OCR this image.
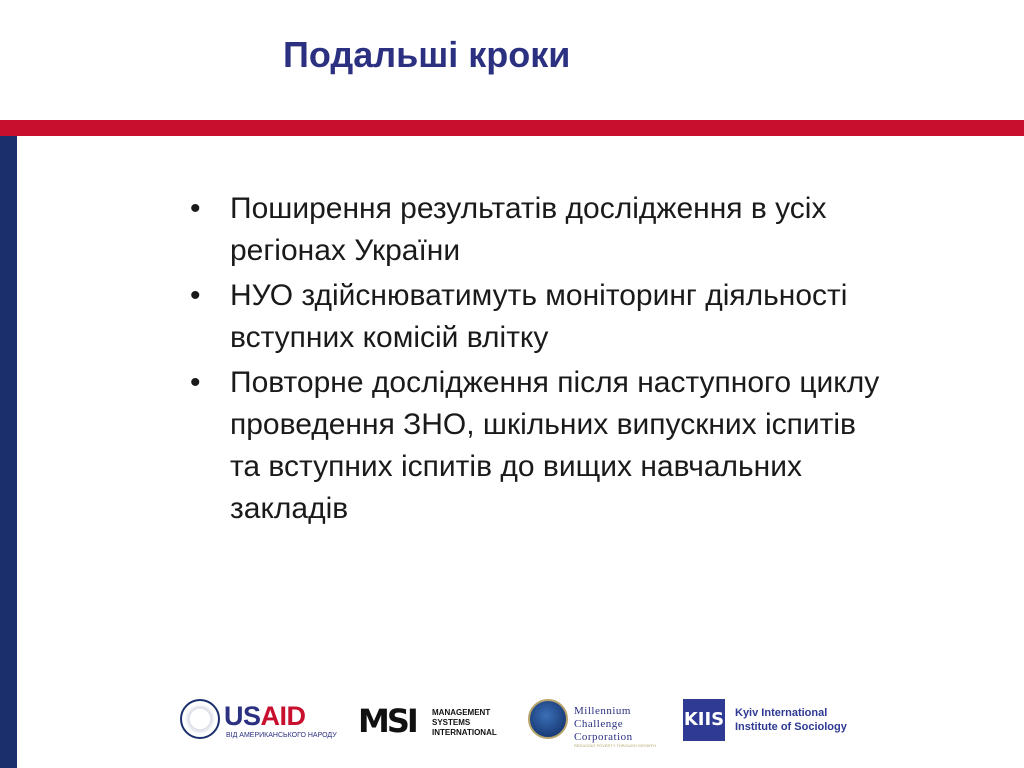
Подальші кроки
• Поширення результатів дослідження в усіх регіонах України
• НУО здійснюватимуть моніторинг діяльності вступних комісій влітку
• Повторне дослідження після наступного циклу проведення ЗНО, шкільних випускних іспитів та вступних іспитів до вищих навчальних закладів
USAID
ВІД АМЕРИКАНСЬКОГО НАРОДУ MSI MANAGEMENT
SYSTEMS
INTERNATIONAL
Millennium
Challenge
Corporation
REDUCING POVERTY THROUGH GROWTH
KIIS Kyiv International
Institute of Sociology
